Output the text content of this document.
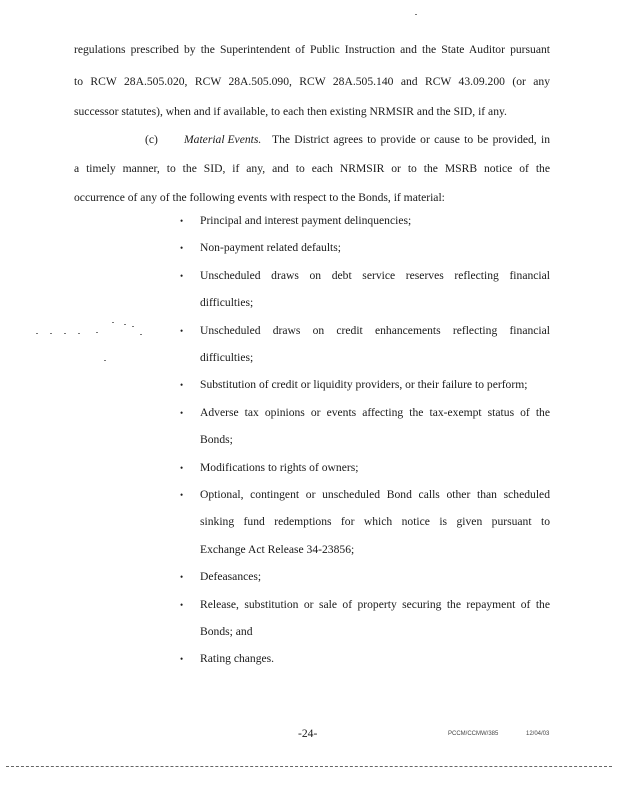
regulations prescribed by the Superintendent of Public Instruction and the State Auditor pursuant
to RCW 28A.505.020, RCW 28A.505.090, RCW 28A.505.140 and RCW 43.09.200 (or any
successor statutes), when and if available, to each then existing NRMSIR and the SID, if any.
(c) Material Events. The District agrees to provide or cause to be provided, in
a timely manner, to the SID, if any, and to each NRMSIR or to the MSRB notice of the
occurrence of any of the following events with respect to the Bonds, if material:
• Principal and interest payment delinquencies;
• Non-payment related defaults;
• Unscheduled draws on debt service reserves reflecting financial
difficulties;
• Unscheduled draws on credit enhancements reflecting financial
difficulties;
• Substitution of credit or liquidity providers, or their failure to perform;
• Adverse tax opinions or events affecting the tax-exempt status of the
Bonds;
• Modifications to rights of owners;
• Optional, contingent or unscheduled Bond calls other than scheduled
sinking fund redemptions for which notice is given pursuant to
Exchange Act Release 34-23856;
• Defeasances;
• Release, substitution or sale of property securing the repayment of the
Bonds; and
• Rating changes.
-24-	PCCM/CCMW/385	12/04/03
